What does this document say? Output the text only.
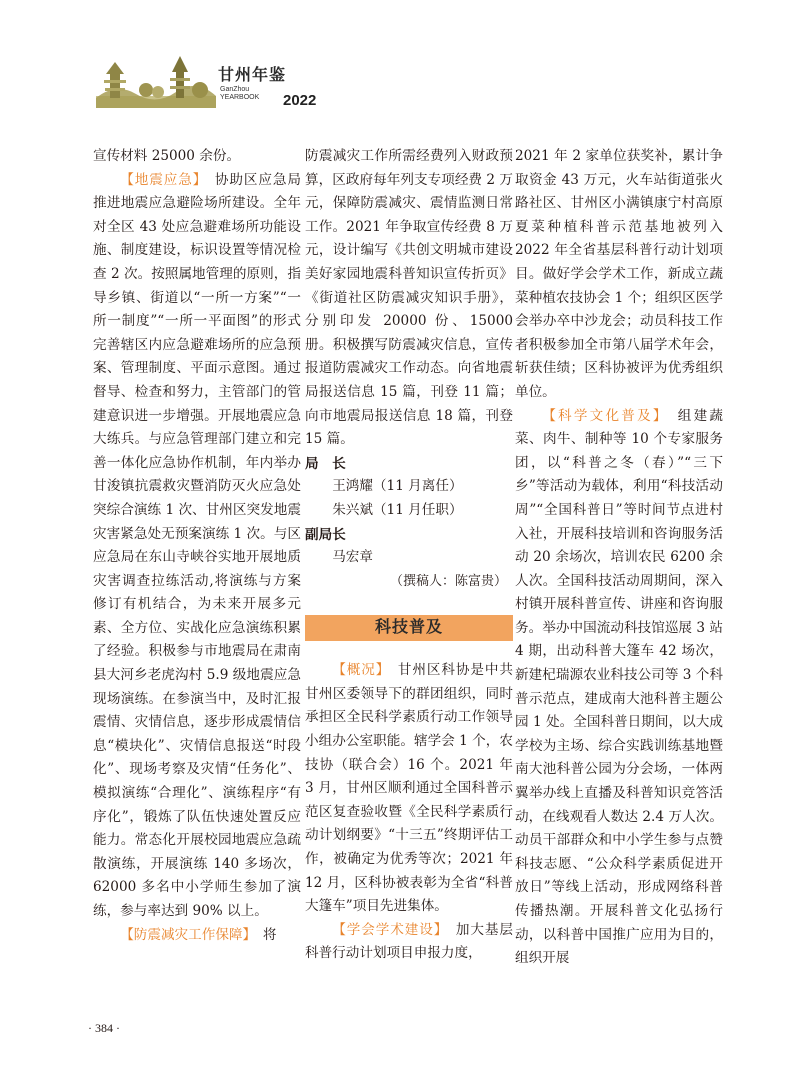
甘州年鉴
GanZhou
YEARBOOK 2022

宣传材料 25000 余份。

【地震应急】　 协助区应急局推进地震应急避险场所建设。全年对全区 43 处应急避难场所功能设施、制度建设，标识设置等情况检查 2 次。按照属地管理的原则，指导乡镇、街道以“一所一方案”“一所一制度”“一所一平面图”的形式完善辖区内应急避难场所的应急预案、管理制度、平面示意图。通过督导、检查和努力，主管部门的管建意识进一步增强。开展地震应急大练兵。与应急管理部门建立和完善一体化应急协作机制，年内举办甘浚镇抗震救灾暨消防灭火应急处突综合演练 1 次、甘州区突发地震灾害紧急处无预案演练 1 次。与区应急局在东山寺峡谷实地开展地质灾害调查拉练活动,将演练与方案修订有机结合，为未来开展多元素、全方位、实战化应急演练积累了经验。积极参与市地震局在肃南县大河乡老虎沟村 5.9 级地震应急现场演练。在参演当中，及时汇报震情、灾情信息，逐步形成震情信息“模块化”、灾情信息报送“时段化”、现场考察及灾情“任务化”、模拟演练“合理化”、演练程序“有序化”，锻炼了队伍快速处置反应能力。常态化开展校园地震应急疏散演练，开展演练 140 多场次，62000 多名中小学师生参加了演练，参与率达到 90% 以上。

【防震减灾工作保障】　 将

防震减灾工作所需经费列入财政预算，区政府每年列支专项经费 2 万元，保障防震减灾、震情监测日常工作。2021 年争取宣传经费 8 万元，设计编写《共创文明城市建设美好家园地震科普知识宣传折页》《街道社区防震减灾知识手册》，分别印发 20000 份、15000 册。积极撰写防震减灾信息，宣传报道防震减灾工作动态。向省地震局报送信息 15 篇，刊登 11 篇；向市地震局报送信息 18 篇，刊登 15 篇。

局　长

王鸿耀（11 月离任）

朱兴斌（11 月任职）

副局长

马宏章

（撰稿人：陈富贵）

科技普及

【概况】　 甘州区科协是中共甘州区委领导下的群团组织，同时承担区全民科学素质行动工作领导小组办公室职能。辖学会 1 个，农技协（联合会）16 个。2021 年 3 月，甘州区顺利通过全国科普示范区复查验收暨《全民科学素质行动计划纲要》“十三五”终期评估工作，被确定为优秀等次；2021 年 12 月，区科协被表彰为全省“科普大篷车”项目先进集体。

【学会学术建设】　 加大基层科普行动计划项目申报力度，

2021 年 2 家单位获奖补，累计争取资金 43 万元，火车站街道张火路社区、甘州区小满镇康宁村高原夏菜种植科普示范基地被列入 2022 年全省基层科普行动计划项目。做好学会学术工作，新成立蔬菜种植农技协会 1 个；组织区医学会举办卒中沙龙会；动员科技工作者积极参加全市第八届学术年会，斩获佳绩；区科协被评为优秀组织单位。

【科学文化普及】　 组建蔬菜、肉牛、制种等 10 个专家服务团，以“科普之冬（春）”“三下乡”等活动为载体，利用“科技活动周”“全国科普日”等时间节点进村入社，开展科技培训和咨询服务活动 20 余场次，培训农民 6200 余人次。全国科技活动周期间，深入村镇开展科普宣传、讲座和咨询服务。举办中国流动科技馆巡展 3 站 4 期，出动科普大篷车 42 场次，新建杞瑞源农业科技公司等 3 个科普示范点，建成南大池科普主题公园 1 处。全国科普日期间，以大成学校为主场、综合实践训练基地暨南大池科普公园为分会场，一体两翼举办线上直播及科普知识竞答活动，在线观看人数达 2.4 万人次。动员干部群众和中小学生参与点赞科技志愿、“公众科学素质促进开放日”等线上活动，形成网络科普传播热潮。开展科普文化弘扬行动，以科普中国推广应用为目的，组织开展

· 384 ·
